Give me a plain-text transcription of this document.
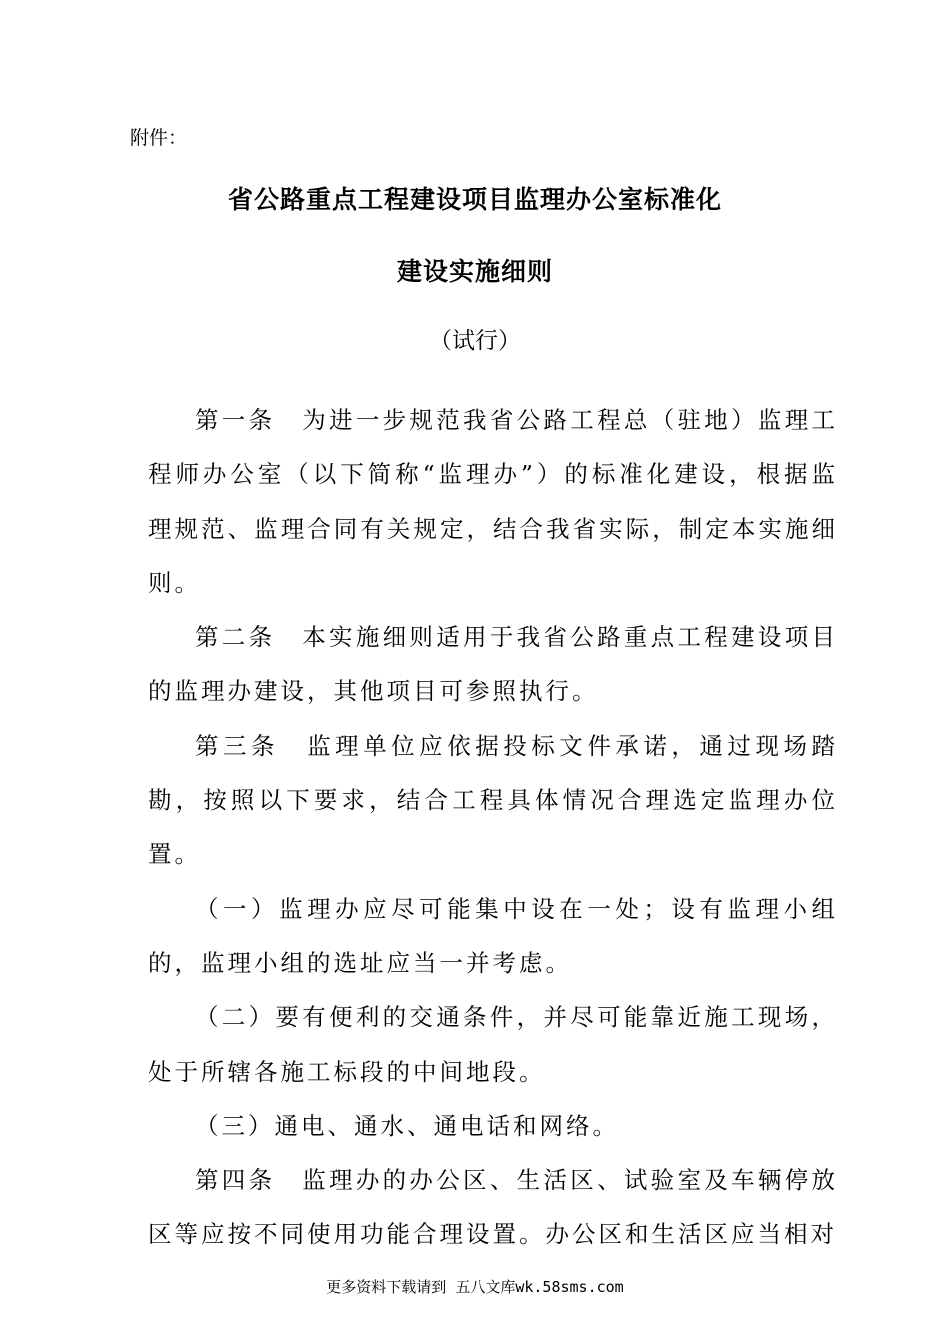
附件：
省公路重点工程建设项目监理办公室标准化
建设实施细则
（试行）

第一条　为进一步规范我省公路工程总（驻地）监理工程师办公室（以下简称“监理办”）的标准化建设，根据监理规范、监理合同有关规定，结合我省实际，制定本实施细则。

第二条　本实施细则适用于我省公路重点工程建设项目的监理办建设，其他项目可参照执行。

第三条　监理单位应依据投标文件承诺，通过现场踏勘，按照以下要求，结合工程具体情况合理选定监理办位置。

（一）监理办应尽可能集中设在一处；设有监理小组的，监理小组的选址应当一并考虑。

（二）要有便利的交通条件，并尽可能靠近施工现场，处于所辖各施工标段的中间地段。

（三）通电、通水、通电话和网络。

第四条　监理办的办公区、生活区、试验室及车辆停放区等应按不同使用功能合理设置。办公区和生活区应当相对

更多资料下载请到 五八文库wk.58sms.com
